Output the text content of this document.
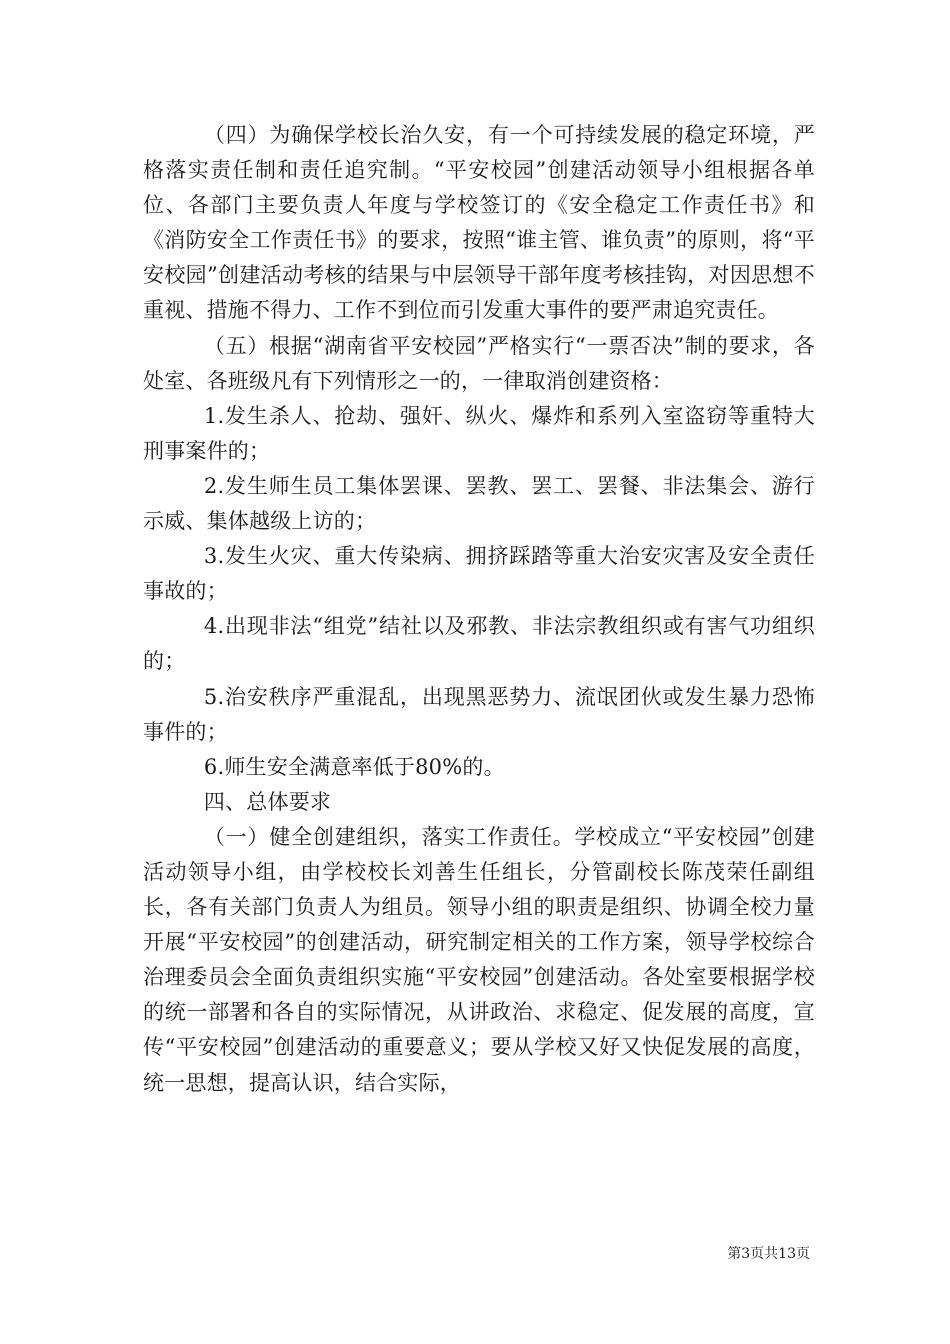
（四）为确保学校长治久安，有一个可持续发展的稳定环境，严格落实责任制和责任追究制。“平安校园”创建活动领导小组根据各单位、各部门主要负责人年度与学校签订的《安全稳定工作责任书》和《消防安全工作责任书》的要求，按照“谁主管、谁负责”的原则，将“平安校园”创建活动考核的结果与中层领导干部年度考核挂钩，对因思想不重视、措施不得力、工作不到位而引发重大事件的要严肃追究责任。

（五）根据“湖南省平安校园”严格实行“一票否决”制的要求，各处室、各班级凡有下列情形之一的，一律取消创建资格：

1.发生杀人、抢劫、强奸、纵火、爆炸和系列入室盗窃等重特大刑事案件的；

2.发生师生员工集体罢课、罢教、罢工、罢餐、非法集会、游行示威、集体越级上访的；

3.发生火灾、重大传染病、拥挤踩踏等重大治安灾害及安全责任事故的；

4.出现非法“组党”结社以及邪教、非法宗教组织或有害气功组织的；

5.治安秩序严重混乱，出现黑恶势力、流氓团伙或发生暴力恐怖事件的；

6.师生安全满意率低于80%的。

四、总体要求

（一）健全创建组织，落实工作责任。学校成立“平安校园”创建活动领导小组，由学校校长刘善生任组长，分管副校长陈茂荣任副组长，各有关部门负责人为组员。领导小组的职责是组织、协调全校力量开展“平安校园”的创建活动，研究制定相关的工作方案，领导学校综合治理委员会全面负责组织实施“平安校园”创建活动。各处室要根据学校的统一部署和各自的实际情况，从讲政治、求稳定、促发展的高度，宣传“平安校园”创建活动的重要意义；要从学校又好又快促发展的高度，统一思想，提高认识，结合实际，

第3页共13页
